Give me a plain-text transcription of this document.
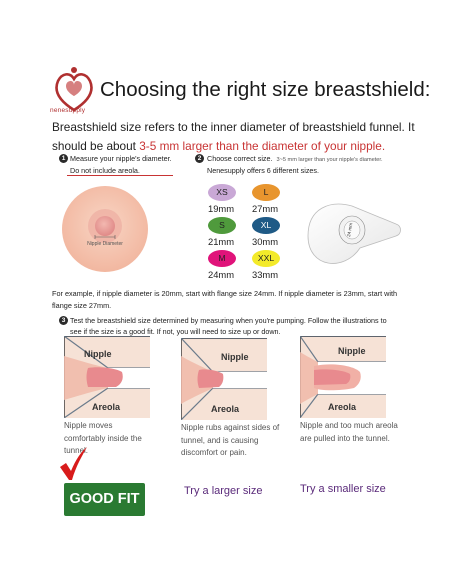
nenesupply
Choosing the right size breastshield:
Breastshield size refers to the inner diameter of breastshield funnel. It
should be about 3-5 mm larger than the diameter of your nipple.
1 Measure your nipple's diameter.
Do not include areola.
Nipple Diameter
2 Choose correct size. 3~5 mm larger than your nipple's diameter.
Nenesupply offers 6 different sizes.
XS
19mm
L
27mm
S
21mm
XL
30mm
M
24mm
XXL
33mm
24 mm
For example, if nipple diameter is 20mm, start with flange size 24mm. If nipple diameter is 23mm, start with flange size 27mm.
3 Test the breastshield size determined by measuring when you're pumping. Follow the illustrations to see if the size is a good fit. If not, you will need to size up or down.
Nipple
Areola
Nipple moves comfortably inside the tunnel.
Nipple
Areola
Nipple rubs against sides of tunnel, and is causing discomfort or pain.
Nipple
Areola
Nipple and too much areola are pulled into the tunnel.
GOOD FIT	Try a larger size	Try a smaller size
